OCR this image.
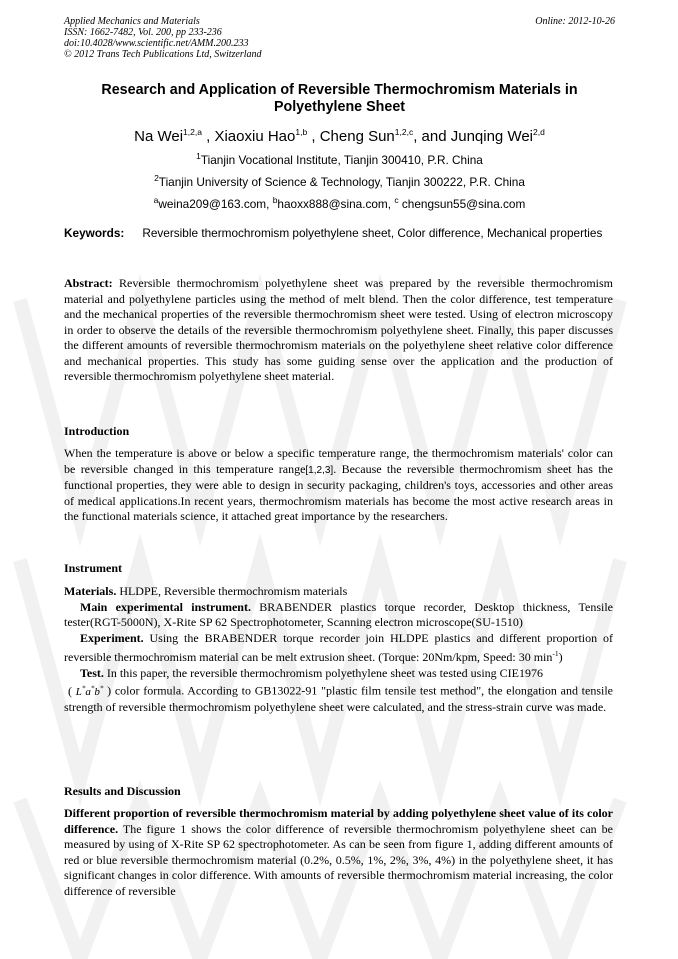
Applied Mechanics and Materials
ISSN: 1662-7482, Vol. 200, pp 233-236
doi:10.4028/www.scientific.net/AMM.200.233
© 2012 Trans Tech Publications Ltd, Switzerland
Online: 2012-10-26
Research and Application of Reversible Thermochromism Materials in
Polyethylene Sheet
Na Wei$^{1,2,a}$ , Xiaoxiu Hao$^{1,b}$ , Cheng Sun$^{1,2,c}$, and Junqing Wei$^{2,d}$
$^1$Tianjin Vocational Institute, Tianjin 300410, P.R. China
$^2$Tianjin University of Science & Technology, Tianjin 300222, P.R. China
$^a$weina209@163.com, $^b$haoxx888@sina.com, $^c$ chengsun55@sina.com
Keywords: Reversible thermochromism polyethylene sheet, Color difference, Mechanical properties
Abstract: Reversible thermochromism polyethylene sheet was prepared by the reversible thermochromism material and polyethylene particles using the method of melt blend. Then the color difference, test temperature and the mechanical properties of the reversible thermochromism sheet were tested. Using of electron microscopy in order to observe the details of the reversible thermochromism polyethylene sheet. Finally, this paper discusses the different amounts of reversible thermochromism materials on the polyethylene sheet relative color difference and mechanical properties. This study has some guiding sense over the application and the production of reversible thermochromism polyethylene sheet material.
Introduction
When the temperature is above or below a specific temperature range, the thermochromism materials' color can be reversible changed in this temperature range[1,2,3]. Because the reversible thermochromism sheet has the functional properties, they were able to design in security packaging, children's toys, accessories and other areas of medical applications.In recent years, thermochromism materials has become the most active research areas in the functional materials science, it attached great importance by the researchers.
Instrument
Materials. HLDPE, Reversible thermochromism materials
Main experimental instrument. BRABENDER plastics torque recorder, Desktop thickness, Tensile tester(RGT-5000N), X-Rite SP 62 Spectrophotometer, Scanning electron microscope(SU-1510)
Experiment. Using the BRABENDER torque recorder join HLDPE plastics and different proportion of reversible thermochromism material can be melt extrusion sheet. (Torque: 20Nm/kpm, Speed: 30 $\min^{-1}$)
Test. In this paper, the reversible thermochromism polyethylene sheet was tested using CIE1976
( L*a*b* ) color formula. According to GB13022-91 "plastic film tensile test method", the elongation and tensile strength of reversible thermochromism polyethylene sheet were calculated, and the stress-strain curve was made.
Results and Discussion
Different proportion of reversible thermochromism material by adding polyethylene sheet value of its color difference. The figure 1 shows the color difference of reversible thermochromism polyethylene sheet can be measured by using of X-Rite SP 62 spectrophotometer. As can be seen from figure 1, adding different amounts of red or blue reversible thermochromism material (0.2%, 0.5%, 1%, 2%, 3%, 4%) in the polyethylene sheet, it has significant changes in color difference. With amounts of reversible thermochromism material increasing, the color difference of reversible
